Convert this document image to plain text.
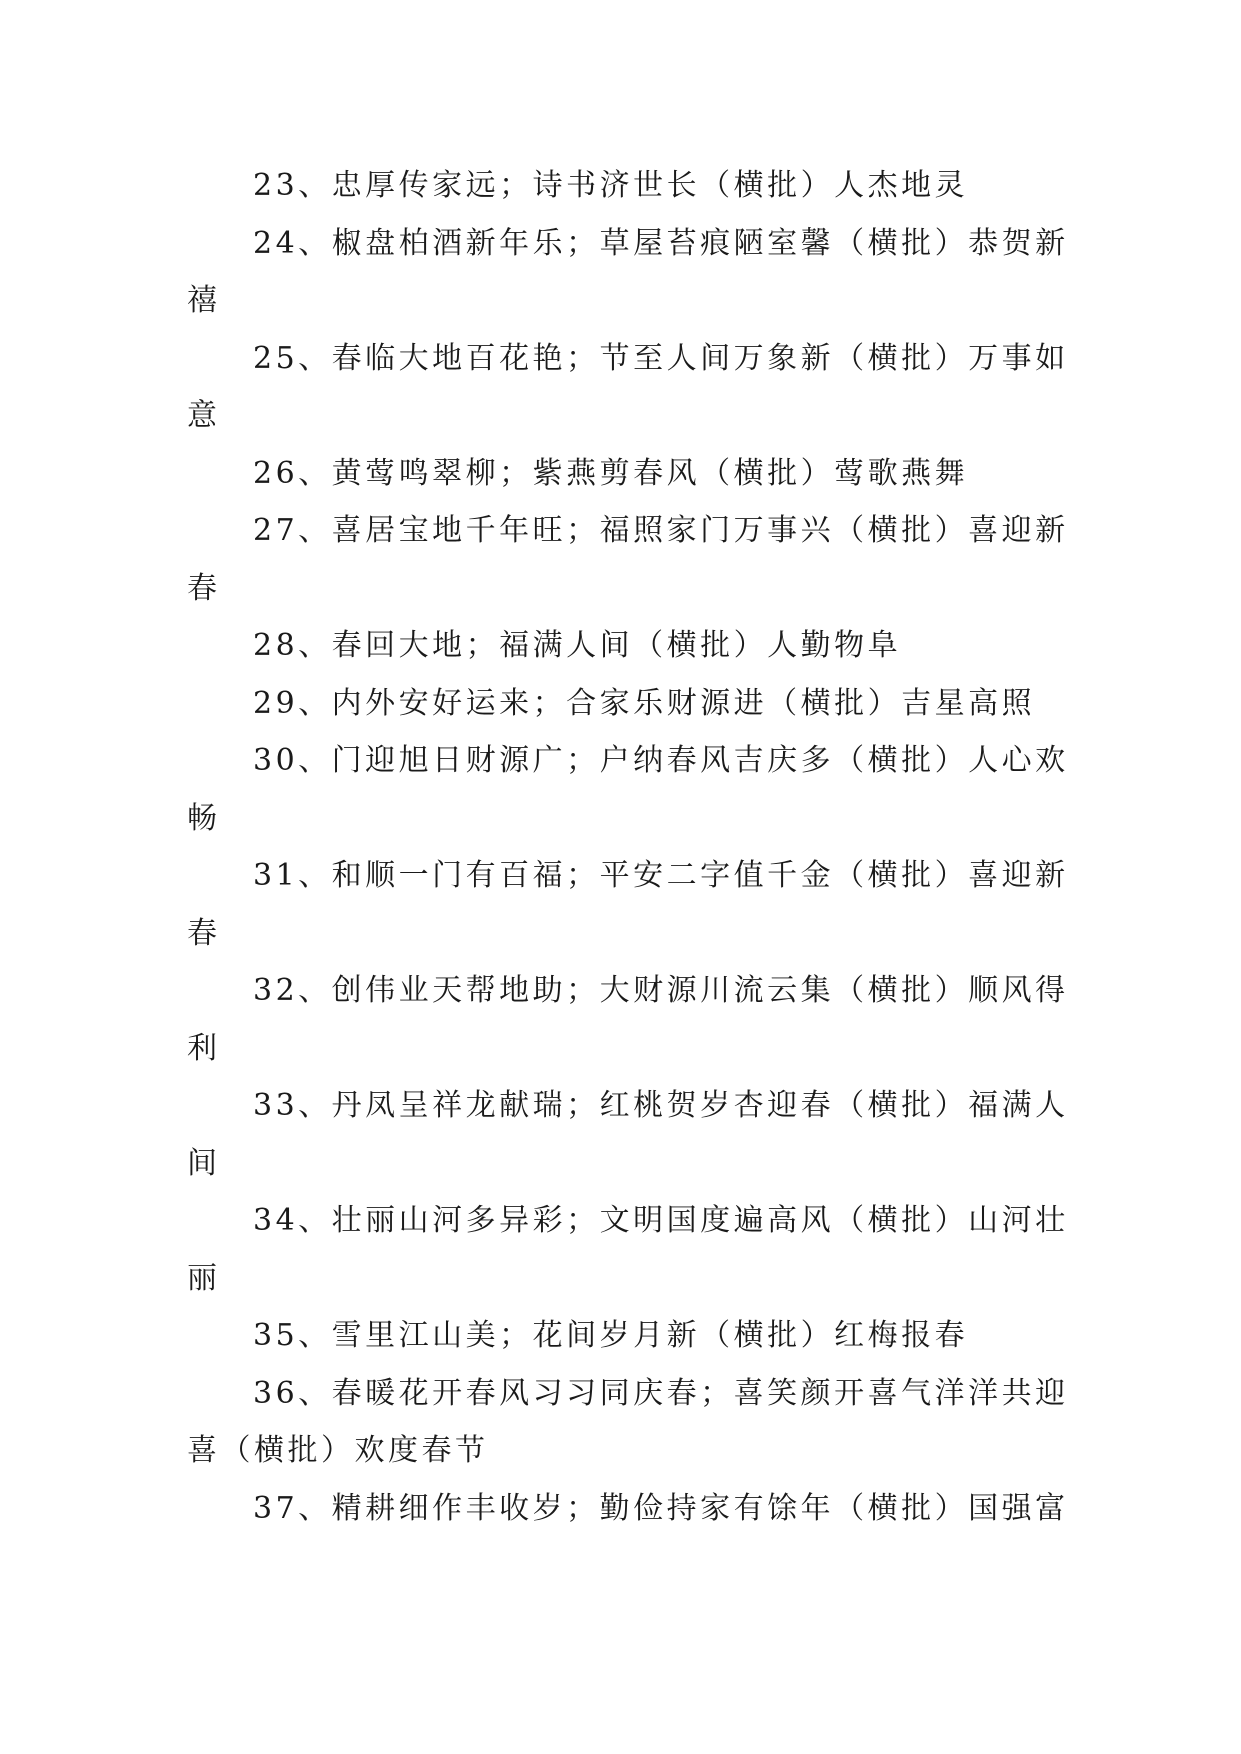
23、忠厚传家远；诗书济世长（横批）人杰地灵
24、椒盘柏酒新年乐；草屋苔痕陋室馨（横批）恭贺新
禧
25、春临大地百花艳；节至人间万象新（横批）万事如
意
26、黄莺鸣翠柳；紫燕剪春风（横批）莺歌燕舞
27、喜居宝地千年旺；福照家门万事兴（横批）喜迎新
春
28、春回大地；福满人间（横批）人勤物阜
29、内外安好运来；合家乐财源进（横批）吉星高照
30、门迎旭日财源广；户纳春风吉庆多（横批）人心欢
畅
31、和顺一门有百福；平安二字值千金（横批）喜迎新
春
32、创伟业天帮地助；大财源川流云集（横批）顺风得
利
33、丹凤呈祥龙献瑞；红桃贺岁杏迎春（横批）福满人
间
34、壮丽山河多异彩；文明国度遍高风（横批）山河壮
丽
35、雪里江山美；花间岁月新（横批）红梅报春
36、春暖花开春风习习同庆春；喜笑颜开喜气洋洋共迎
喜（横批）欢度春节
37、精耕细作丰收岁；勤俭持家有馀年（横批）国强富
